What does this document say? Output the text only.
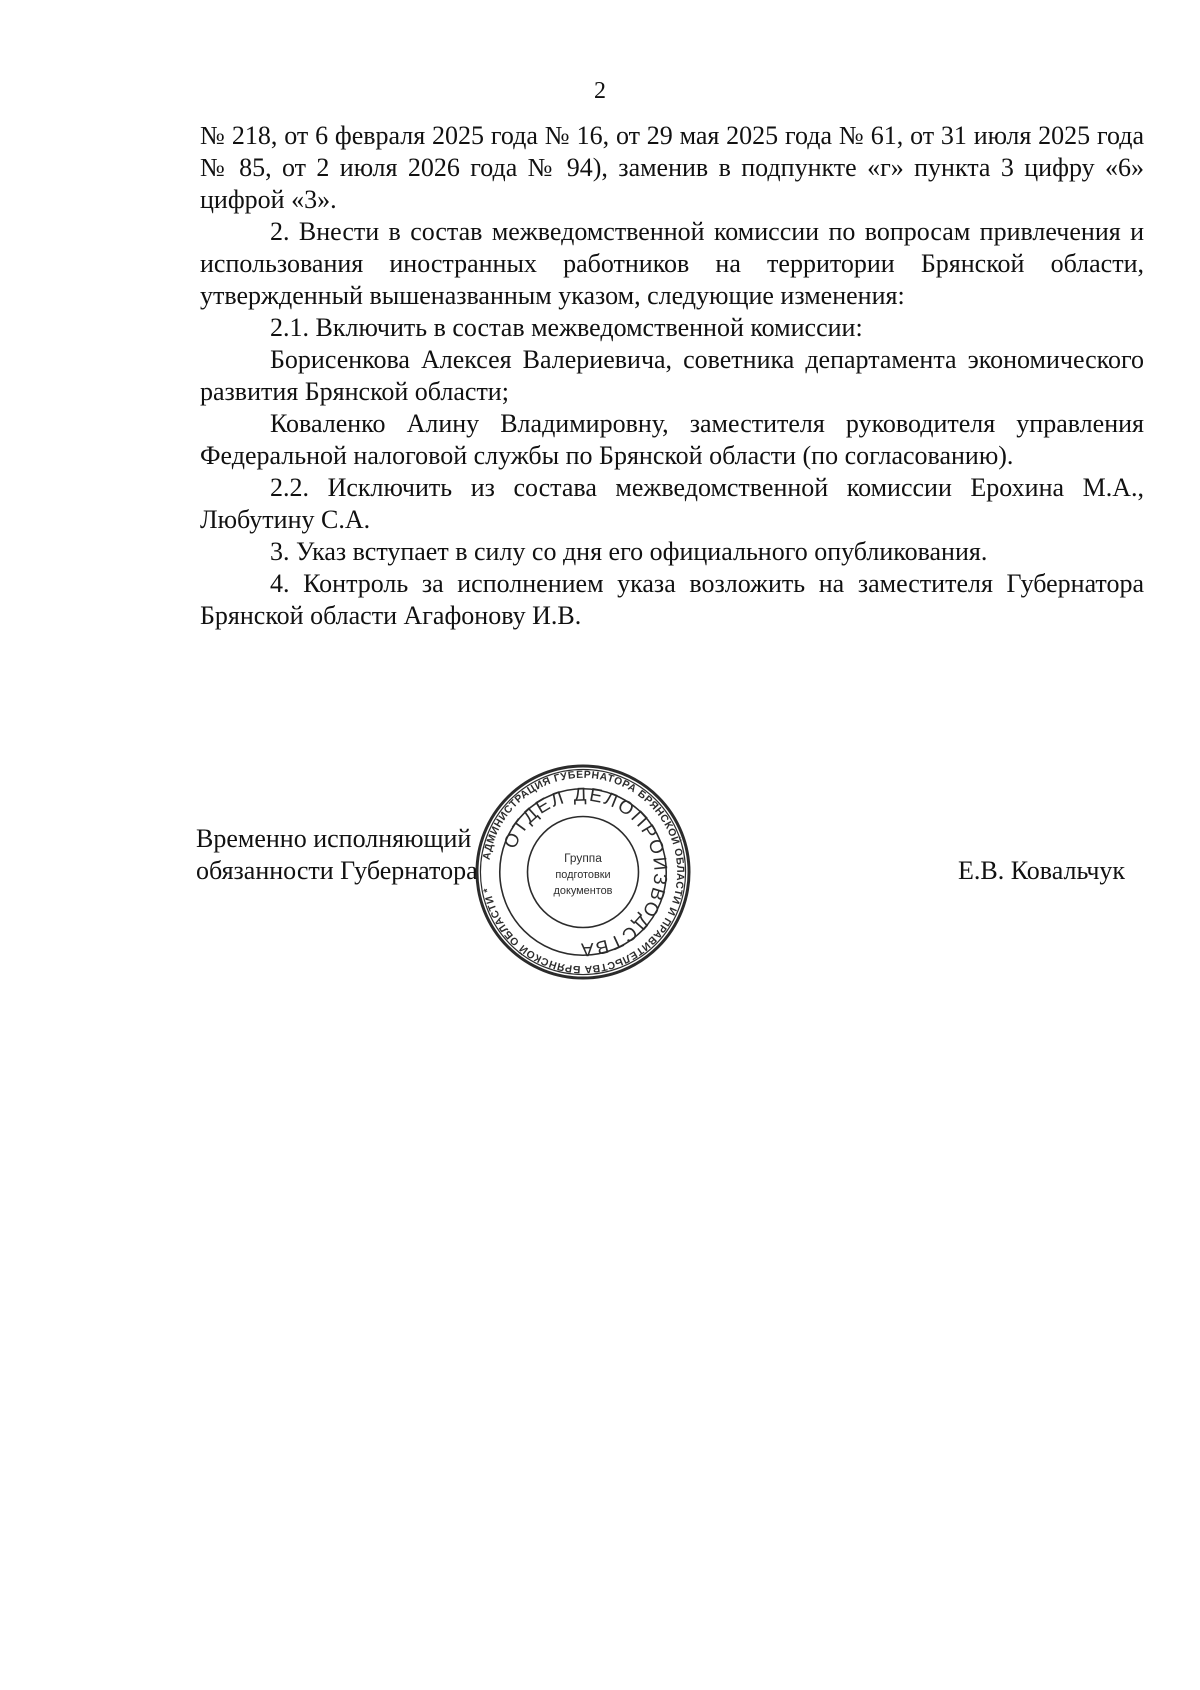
2

№ 218, от 6 февраля 2025 года № 16, от 29 мая 2025 года № 61, от 31 июля 2025 года № 85, от 2 июля 2026 года № 94), заменив в подпункте «г» пункта 3 цифру «6» цифрой «3».

2. Внести в состав межведомственной комиссии по вопросам привлечения и использования иностранных работников на территории Брянской области, утвержденный вышеназванным указом, следующие изменения:

2.1. Включить в состав межведомственной комиссии:

Борисенкова Алексея Валериевича, советника департамента экономического развития Брянской области;

Коваленко Алину Владимировну, заместителя руководителя управления Федеральной налоговой службы по Брянской области (по согласованию).

2.2. Исключить из состава межведомственной комиссии Ерохина М.А., Любутину С.А.

3. Указ вступает в силу со дня его официального опубликования.

4. Контроль за исполнением указа возложить на заместителя Губернатора Брянской области Агафонову И.В.

Временно исполняющий
обязанности Губернатора	Е.В. Ковальчук
АДМИНИСТРАЦИЯ ГУБЕРНАТОРА БРЯНСКОЙ ОБЛАСТИ И ПРАВИТЕЛЬСТВА БРЯНСКОЙ ОБЛАСТИ *
ОТДЕЛ ДЕЛОПРОИЗВОДСТВА
Группа
подготовки
документов
